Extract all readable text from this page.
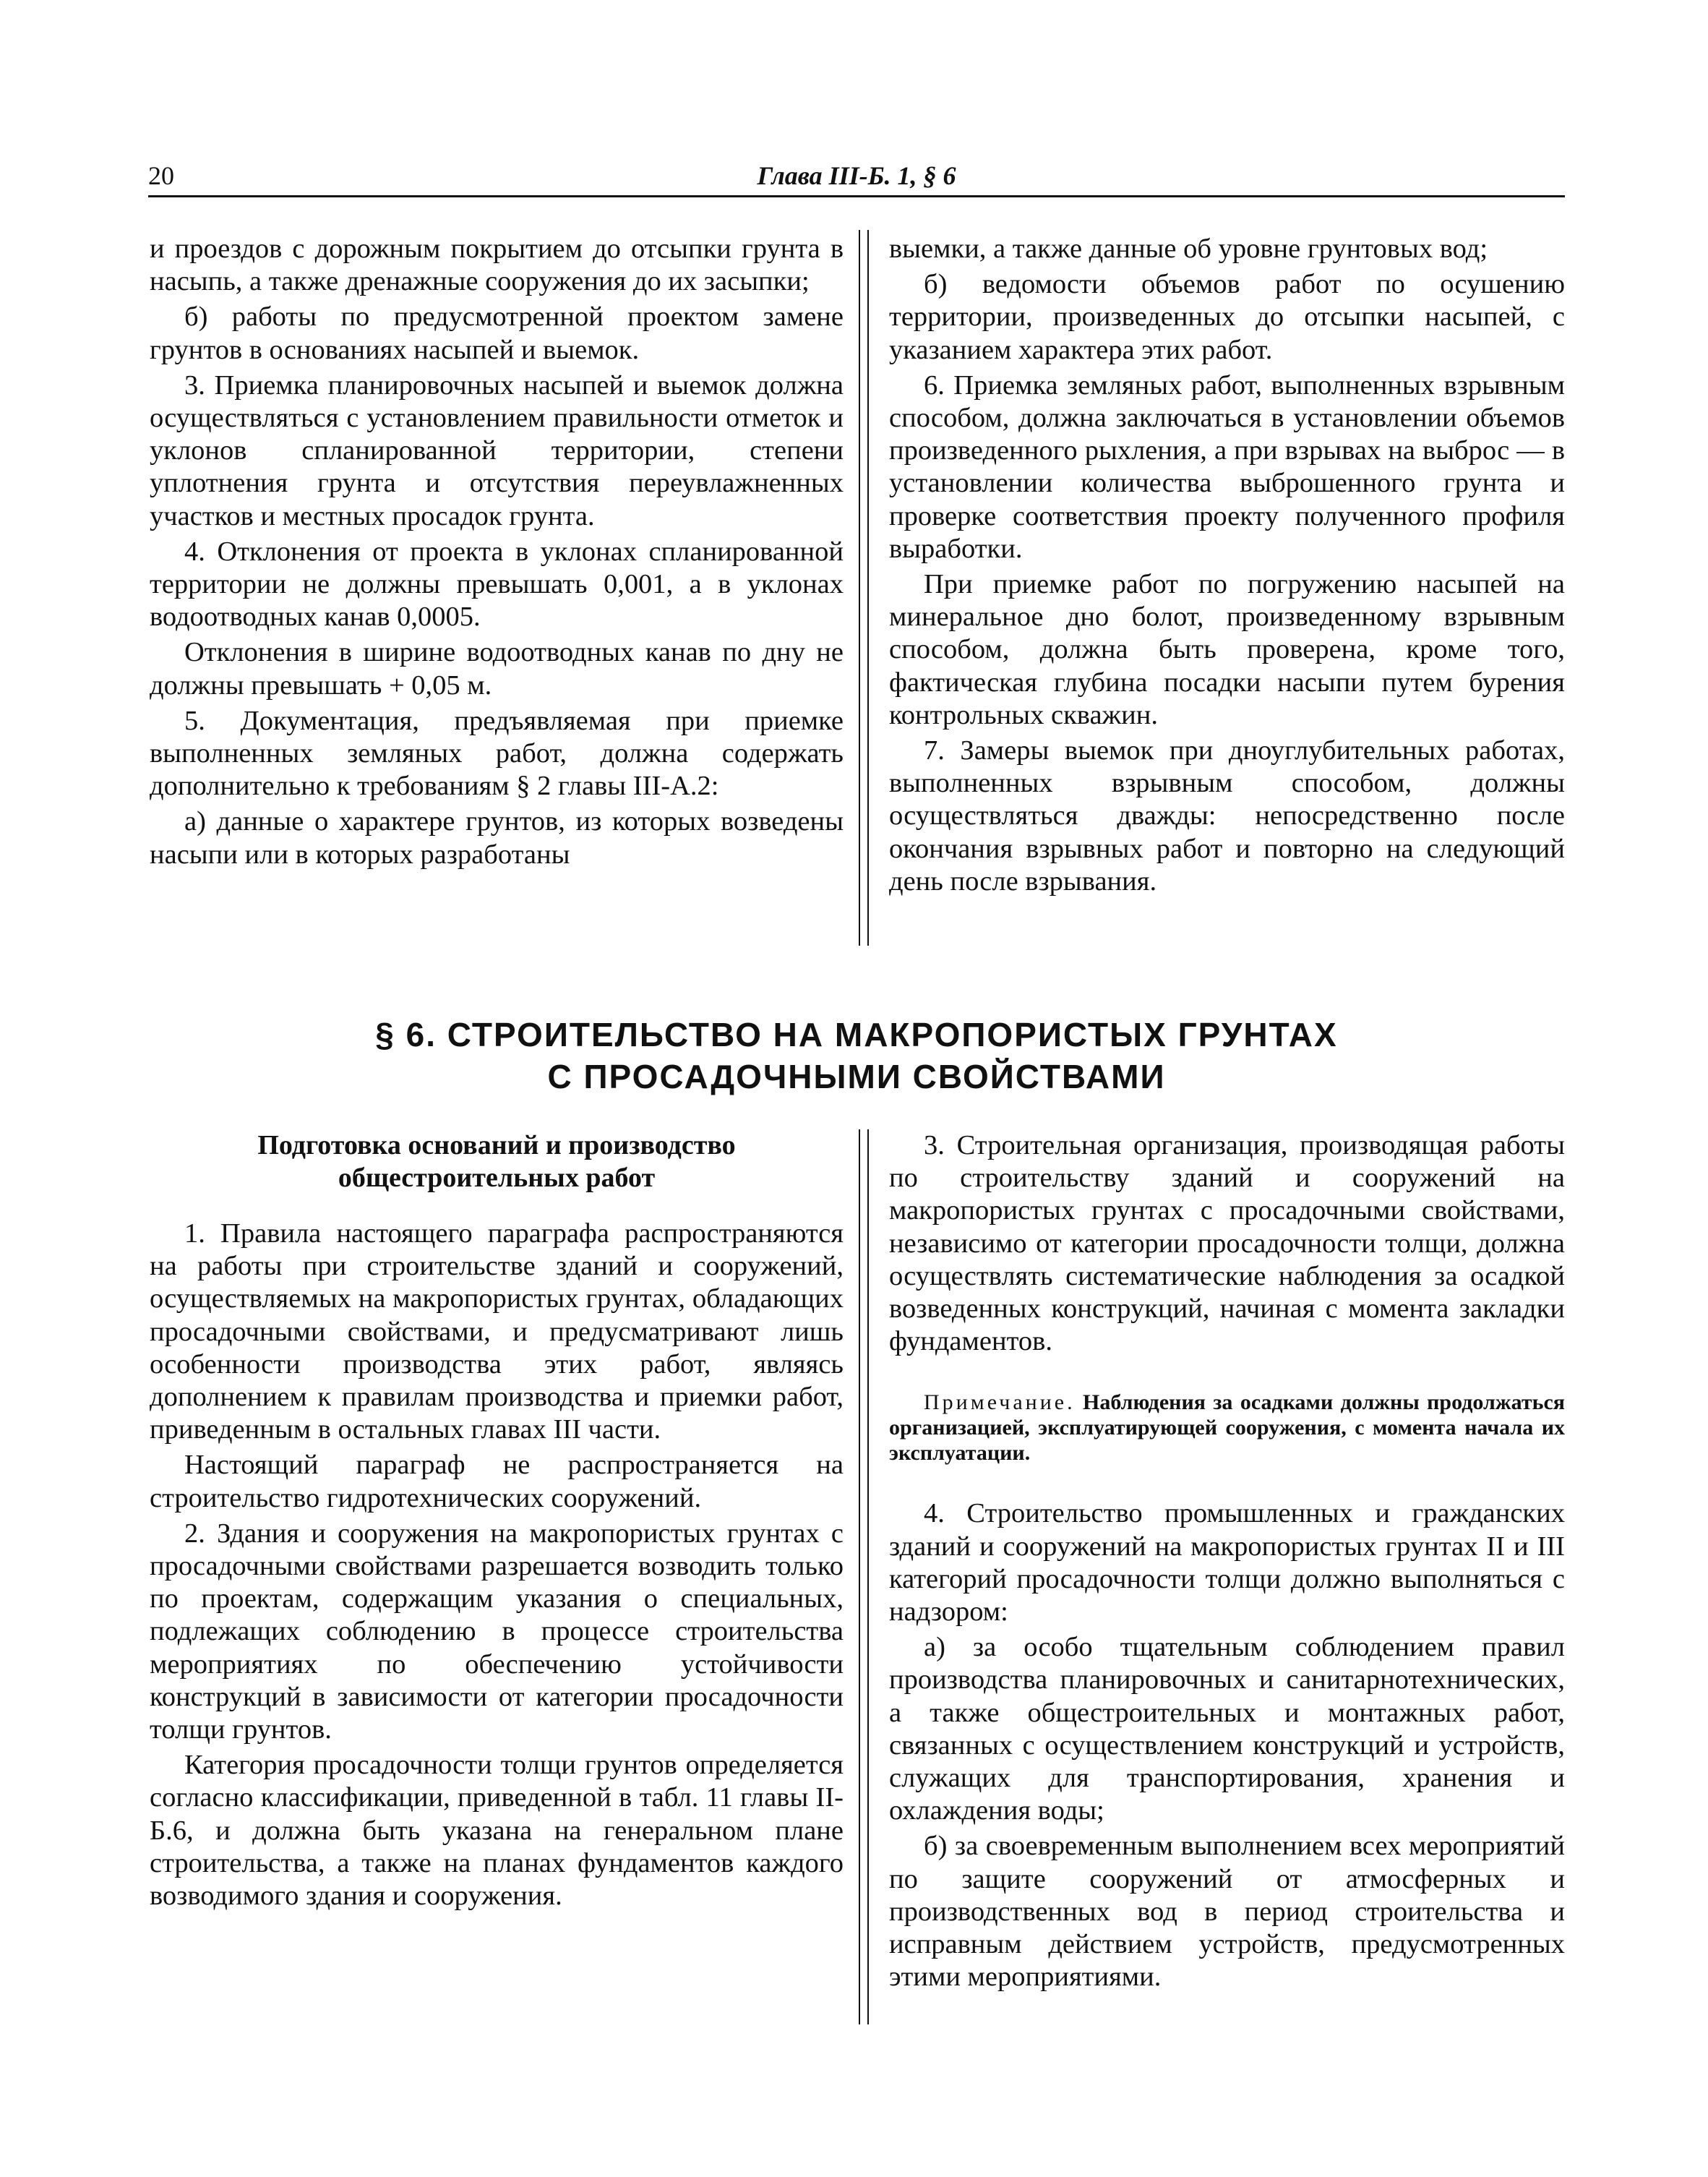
20	Глава III-Б. 1, § 6

и проездов с дорожным покрытием до отсыпки грунта в насыпь, а также дренажные сооружения до их засыпки;

б) работы по предусмотренной проектом замене грунтов в основаниях насыпей и выемок.

3. Приемка планировочных насыпей и выемок должна осуществляться с установлением правильности отметок и уклонов спланированной территории, степени уплотнения грунта и отсутствия переувлажненных участков и местных просадок грунта.

4. Отклонения от проекта в уклонах спланированной территории не должны превышать 0,001, а в уклонах водоотводных канав 0,0005.

Отклонения в ширине водоотводных канав по дну не должны превышать + 0,05 м.

5. Документация, предъявляемая при приемке выполненных земляных работ, должна содержать дополнительно к требованиям § 2 главы III-А.2:

а) данные о характере грунтов, из которых возведены насыпи или в которых разработаны

выемки, а также данные об уровне грунтовых вод;

б) ведомости объемов работ по осушению территории, произведенных до отсыпки насыпей, с указанием характера этих работ.

6. Приемка земляных работ, выполненных взрывным способом, должна заключаться в установлении объемов произведенного рыхления, а при взрывах на выброс — в установлении количества выброшенного грунта и проверке соответствия проекту полученного профиля выработки.

При приемке работ по погружению насыпей на минеральное дно болот, произведенному взрывным способом, должна быть проверена, кроме того, фактическая глубина посадки насыпи путем бурения контрольных скважин.

7. Замеры выемок при дноуглубительных работах, выполненных взрывным способом, должны осуществляться дважды: непосредственно после окончания взрывных работ и повторно на следующий день после взрывания.

§ 6. СТРОИТЕЛЬСТВО НА МАКРОПОРИСТЫХ ГРУНТАХ
С ПРОСАДОЧНЫМИ СВОЙСТВАМИ
Подготовка оснований и производство
общестроительных работ

1. Правила настоящего параграфа распространяются на работы при строительстве зданий и сооружений, осуществляемых на макропористых грунтах, обладающих просадочными свойствами, и предусматривают лишь особенности производства этих работ, являясь дополнением к правилам производства и приемки работ, приведенным в остальных главах III части.

Настоящий параграф не распространяется на строительство гидротехнических сооружений.

2. Здания и сооружения на макропористых грунтах с просадочными свойствами разрешается возводить только по проектам, содержащим указания о специальных, подлежащих соблюдению в процессе строительства мероприятиях по обеспечению устойчивости конструкций в зависимости от категории просадочности толщи грунтов.

Категория просадочности толщи грунтов определяется согласно классификации, приведенной в табл. 11 главы II-Б.6, и должна быть указана на генеральном плане строительства, а также на планах фундаментов каждого возводимого здания и сооружения.

3. Строительная организация, производящая работы по строительству зданий и сооружений на макропористых грунтах с просадочными свойствами, независимо от категории просадочности толщи, должна осуществлять систематические наблюдения за осадкой возведенных конструкций, начиная с момента закладки фундаментов.

Примечание. Наблюдения за осадками должны продолжаться организацией, эксплуатирующей сооружения, с момента начала их эксплуатации.

4. Строительство промышленных и гражданских зданий и сооружений на макропористых грунтах II и III категорий просадочности толщи должно выполняться с надзором:

а) за особо тщательным соблюдением правил производства планировочных и санитарнотехнических, а также общестроительных и монтажных работ, связанных с осуществлением конструкций и устройств, служащих для транспортирования, хранения и охлаждения воды;

б) за своевременным выполнением всех мероприятий по защите сооружений от атмосферных и производственных вод в период строительства и исправным действием устройств, предусмотренных этими мероприятиями.
